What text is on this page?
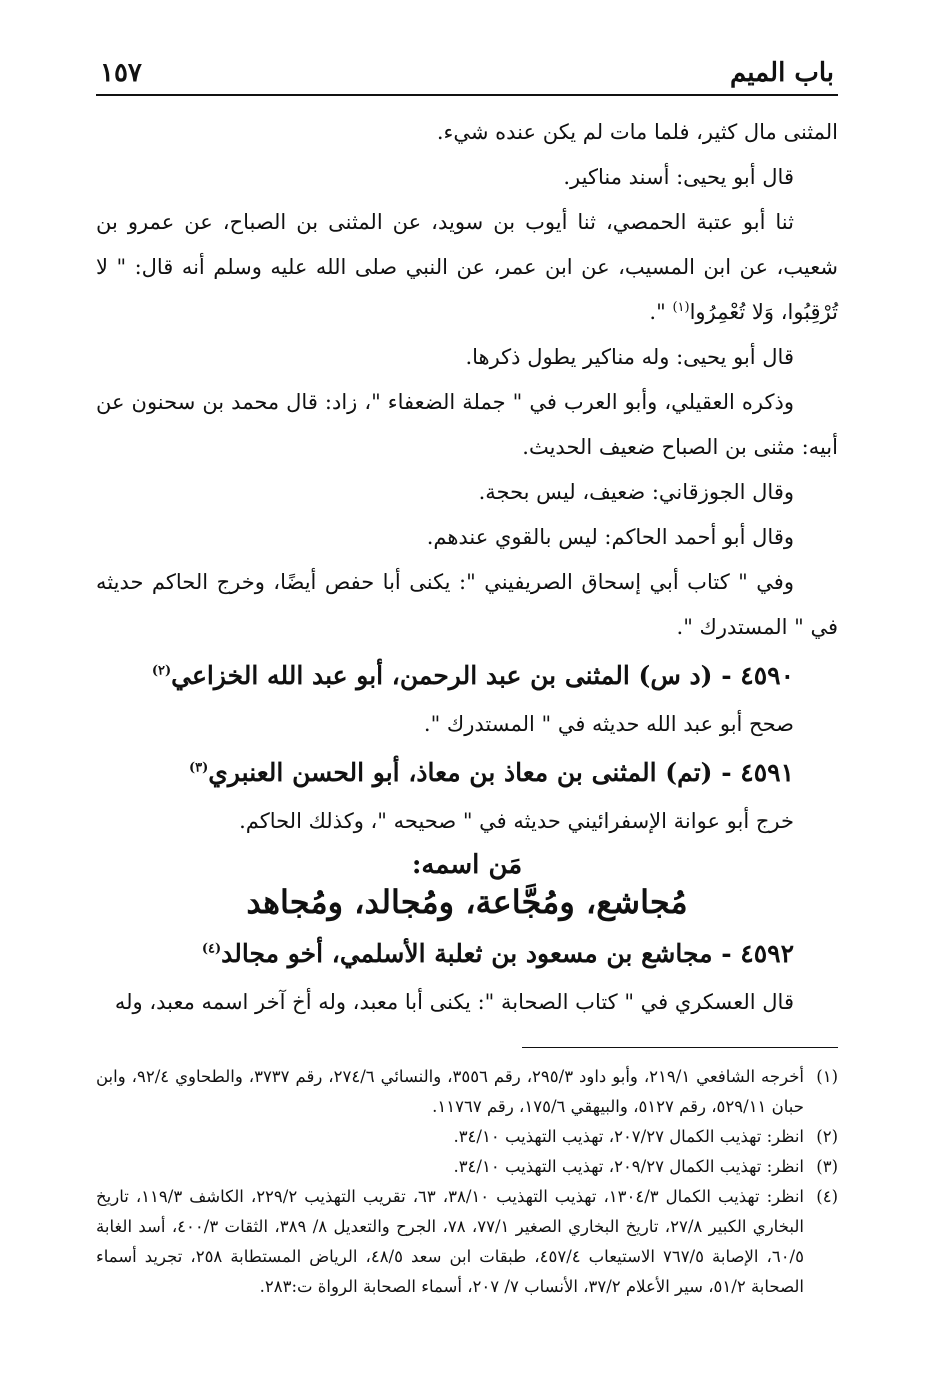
باب الميم
١٥٧

المثنى مال كثير، فلما مات لم يكن عنده شيء.

قال أبو يحيى: أسند مناكير.

ثنا أبو عتبة الحمصي، ثنا أيوب بن سويد، عن المثنى بن الصباح، عن عمرو بن شعيب، عن ابن المسيب، عن ابن عمر، عن النبي صلى الله عليه وسلم أنه قال: " لا تُرْقِبُوا، وَلا تُعْمِرُوا$^{(١)}$ ".

قال أبو يحيى: وله مناكير يطول ذكرها.

وذكره العقيلي، وأبو العرب في " جملة الضعفاء "، زاد: قال محمد بن سحنون عن أبيه: مثنى بن الصباح ضعيف الحديث.

وقال الجوزقاني: ضعيف، ليس بحجة.

وقال أبو أحمد الحاكم: ليس بالقوي عندهم.

وفي " كتاب أبي إسحاق الصريفيني ": يكنى أبا حفص أيضًا، وخرج الحاكم حديثه في " المستدرك ".

٤٥٩٠ - (د س) المثنى بن عبد الرحمن، أبو عبد الله الخزاعي$^{(٢)}$

صحح أبو عبد الله حديثه في " المستدرك ".

٤٥٩١ - (تم) المثنى بن معاذ بن معاذ، أبو الحسن العنبري$^{(٣)}$

خرج أبو عوانة الإسفرائيني حديثه في " صحيحه "، وكذلك الحاكم.

مَن اسمه:
مُجاشع، ومُجَّاعة، ومُجالد، ومُجاهد

٤٥٩٢ - مجاشع بن مسعود بن ثعلبة الأسلمي، أخو مجالد$^{(٤)}$

قال العسكري في " كتاب الصحابة ": يكنى أبا معبد، وله أخ آخر اسمه معبد، وله

(١)
أخرجه الشافعي ٢١٩/١، وأبو داود ٢٩٥/٣، رقم ٣٥٥٦، والنسائي ٢٧٤/٦، رقم ٣٧٣٧، والطحاوي ٩٢/٤، وابن حبان ٥٢٩/١١، رقم ٥١٢٧، والبيهقي ١٧٥/٦، رقم ١١٧٦٧.

(٢)
انظر: تهذيب الكمال ٢٠٧/٢٧، تهذيب التهذيب ٣٤/١٠.

(٣)
انظر: تهذيب الكمال ٢٠٩/٢٧، تهذيب التهذيب ٣٤/١٠.

(٤)
انظر: تهذيب الكمال ١٣٠٤/٣، تهذيب التهذيب ٣٨/١٠، ٦٣، تقريب التهذيب ٢٢٩/٢، الكاشف ١١٩/٣، تاريخ البخاري الكبير ٢٧/٨، تاريخ البخاري الصغير ٧٧/١، ٧٨، الجرح والتعديل ٨/ ٣٨٩، الثقات ٤٠٠/٣، أسد الغابة ٦٠/٥، الإصابة ٧٦٧/٥ الاستيعاب ٤٥٧/٤، طبقات ابن سعد ٤٨/٥، الرياض المستطابة ٢٥٨، تجريد أسماء الصحابة ٥١/٢، سير الأعلام ٣٧/٢، الأنساب ٧/ ٢٠٧، أسماء الصحابة الرواة ت:٢٨٣.
